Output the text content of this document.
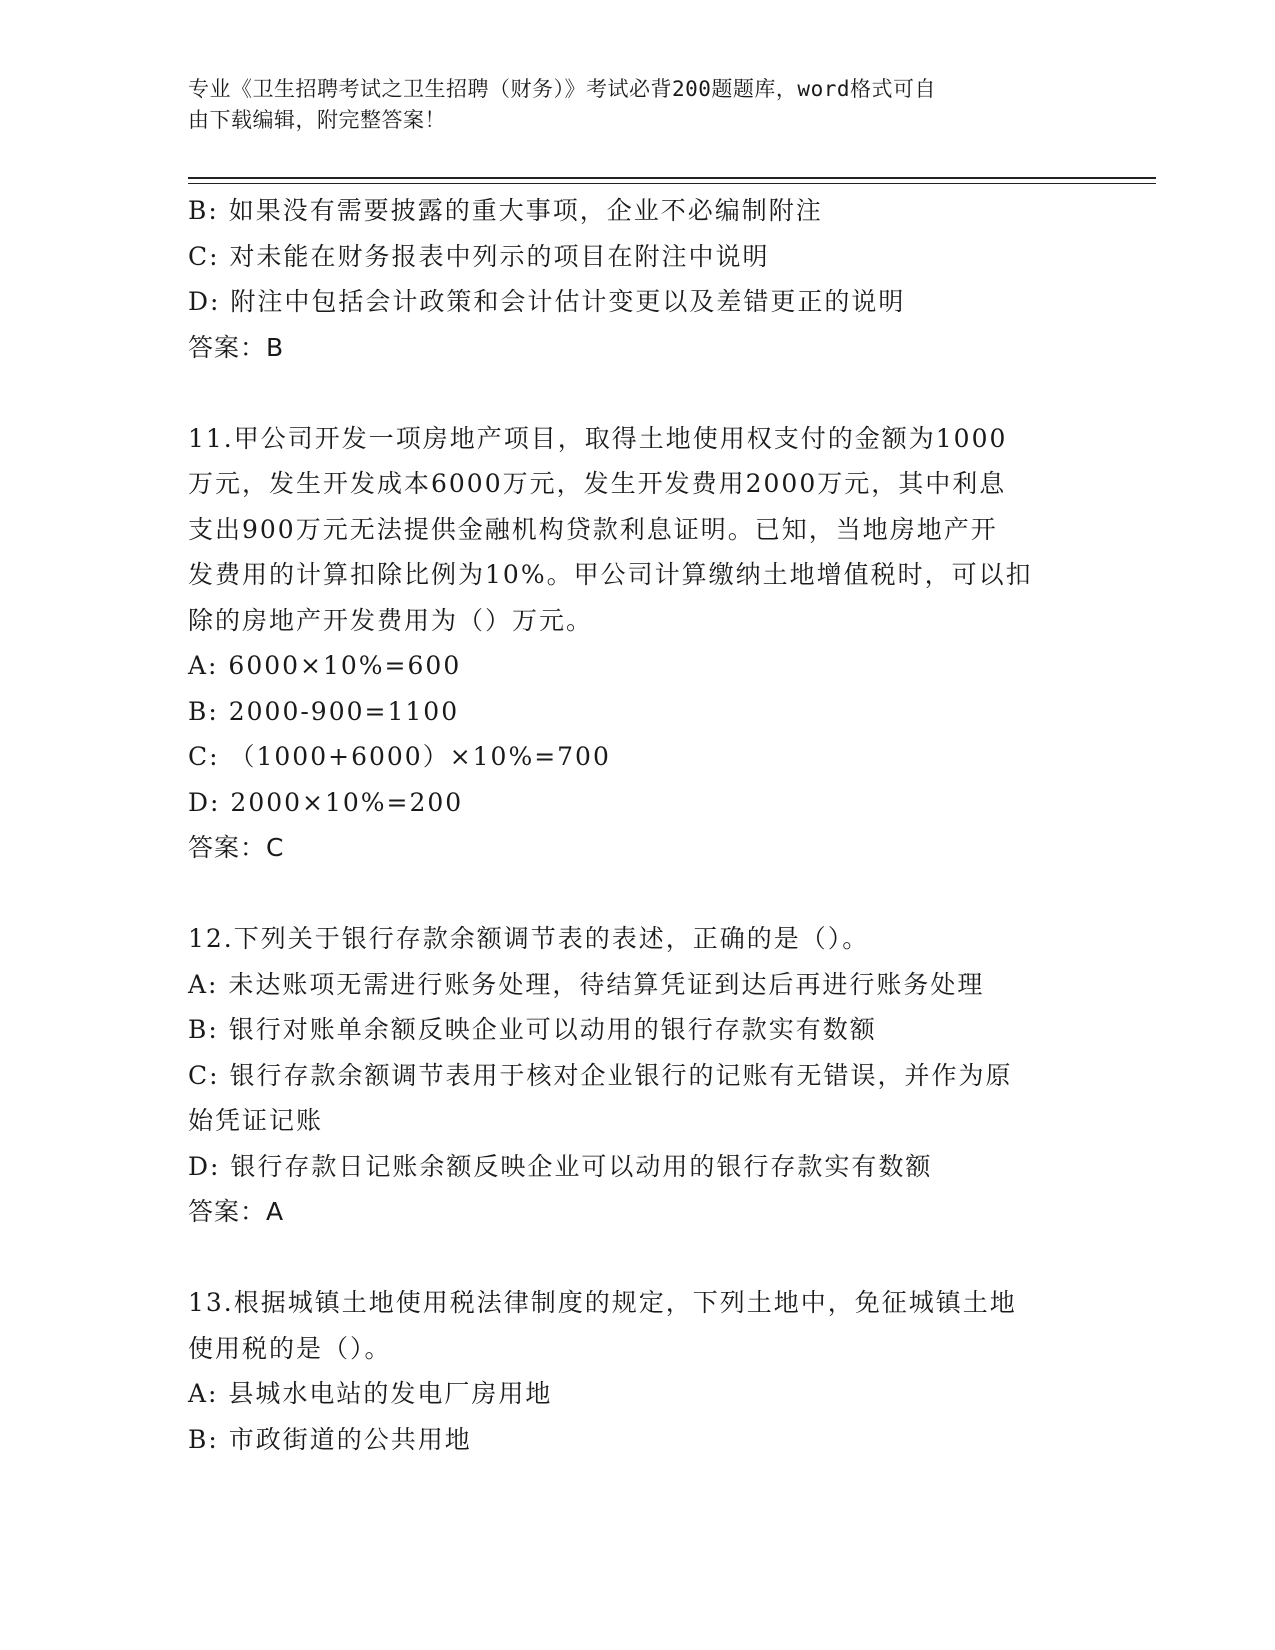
专业《卫生招聘考试之卫生招聘（财务）》考试必背200题题库，word格式可自
由下载编辑，附完整答案！
B: 如果没有需要披露的重大事项，企业不必编制附注
C: 对未能在财务报表中列示的项目在附注中说明
D: 附注中包括会计政策和会计估计变更以及差错更正的说明
答案：B
11.甲公司开发一项房地产项目，取得土地使用权支付的金额为1000
万元，发生开发成本6000万元，发生开发费用2000万元，其中利息
支出900万元无法提供金融机构贷款利息证明。已知，当地房地产开
发费用的计算扣除比例为10%。甲公司计算缴纳土地增值税时，可以扣
除的房地产开发费用为（）万元。
A: 6000×10%=600
B: 2000-900=1100
C: （1000+6000）×10%=700
D: 2000×10%=200
答案：C
12.下列关于银行存款余额调节表的表述，正确的是（）。
A: 未达账项无需进行账务处理，待结算凭证到达后再进行账务处理
B: 银行对账单余额反映企业可以动用的银行存款实有数额
C: 银行存款余额调节表用于核对企业银行的记账有无错误，并作为原
始凭证记账
D: 银行存款日记账余额反映企业可以动用的银行存款实有数额
答案：A
13.根据城镇土地使用税法律制度的规定，下列土地中，免征城镇土地
使用税的是（）。
A: 县城水电站的发电厂房用地
B: 市政街道的公共用地
